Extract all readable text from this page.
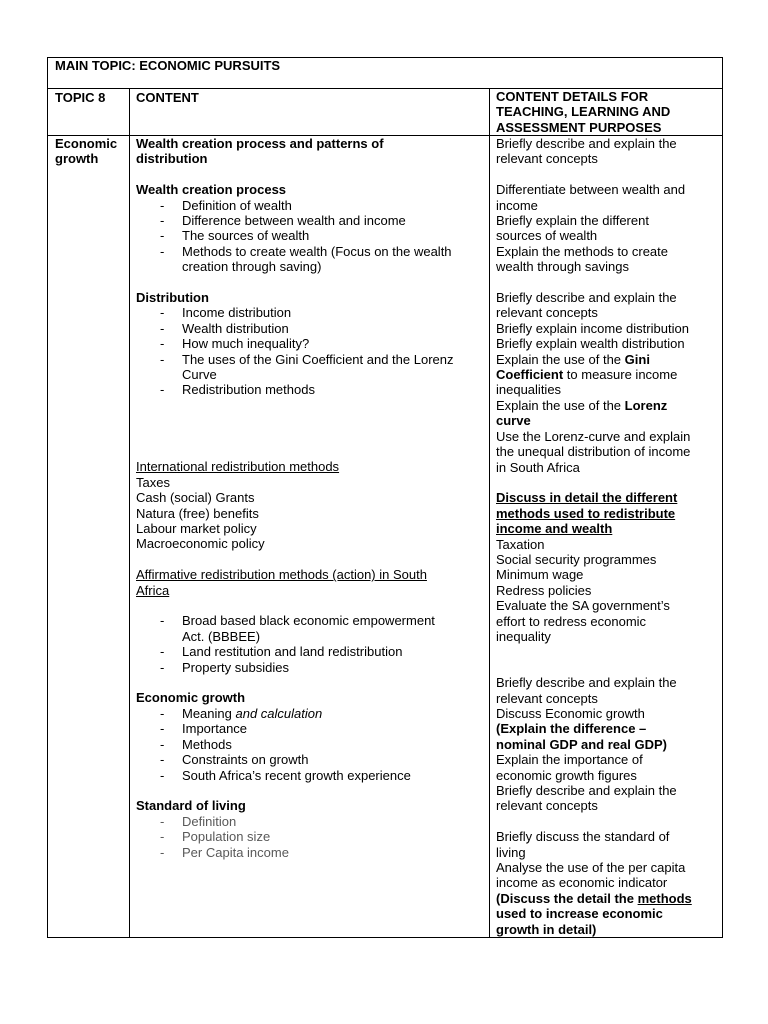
MAIN TOPIC: ECONOMIC PURSUITS
TOPIC 8 CONTENT	CONTENT DETAILS FOR
TEACHING, LEARNING AND
ASSESSMENT PURPOSES
Economic
growth
Wealth creation process and patterns of
distribution
Wealth creation process
- Definition of wealth
- Difference between wealth and income
- The sources of wealth
- Methods to create wealth (Focus on the wealth
creation through saving)
Distribution
- Income distribution
- Wealth distribution
- How much inequality?
- The uses of the Gini Coefficient and the Lorenz
Curve
- Redistribution methods
International redistribution methods
Taxes
Cash (social) Grants
Natura (free) benefits
Labour market policy
Macroeconomic policy
Affirmative redistribution methods (action) in South
Africa
- Broad based black economic empowerment
Act. (BBBEE)
- Land restitution and land redistribution
- Property subsidies
Economic growth
- Meaning and calculation
- Importance
- Methods
- Constraints on growth
- South Africa’s recent growth experience
Standard of living
- Definition
- Population size
- Per Capita income
Briefly describe and explain the
relevant concepts
Differentiate between wealth and
income
Briefly explain the different
sources of wealth
Explain the methods to create
wealth through savings
Briefly describe and explain the
relevant concepts
Briefly explain income distribution
Briefly explain wealth distribution
Explain the use of the Gini
Coefficient to measure income
inequalities
Explain the use of the Lorenz
curve
Use the Lorenz-curve and explain
the unequal distribution of income
in South Africa
Discuss in detail the different
methods used to redistribute
income and wealth
Taxation
Social security programmes
Minimum wage
Redress policies
Evaluate the SA government’s
effort to redress economic
inequality
Briefly describe and explain the
relevant concepts
Discuss Economic growth
(Explain the difference –
nominal GDP and real GDP)
Explain the importance of
economic growth figures
Briefly describe and explain the
relevant concepts
Briefly discuss the standard of
living
Analyse the use of the per capita
income as economic indicator
(Discuss the detail the methods
used to increase economic
growth in detail)
